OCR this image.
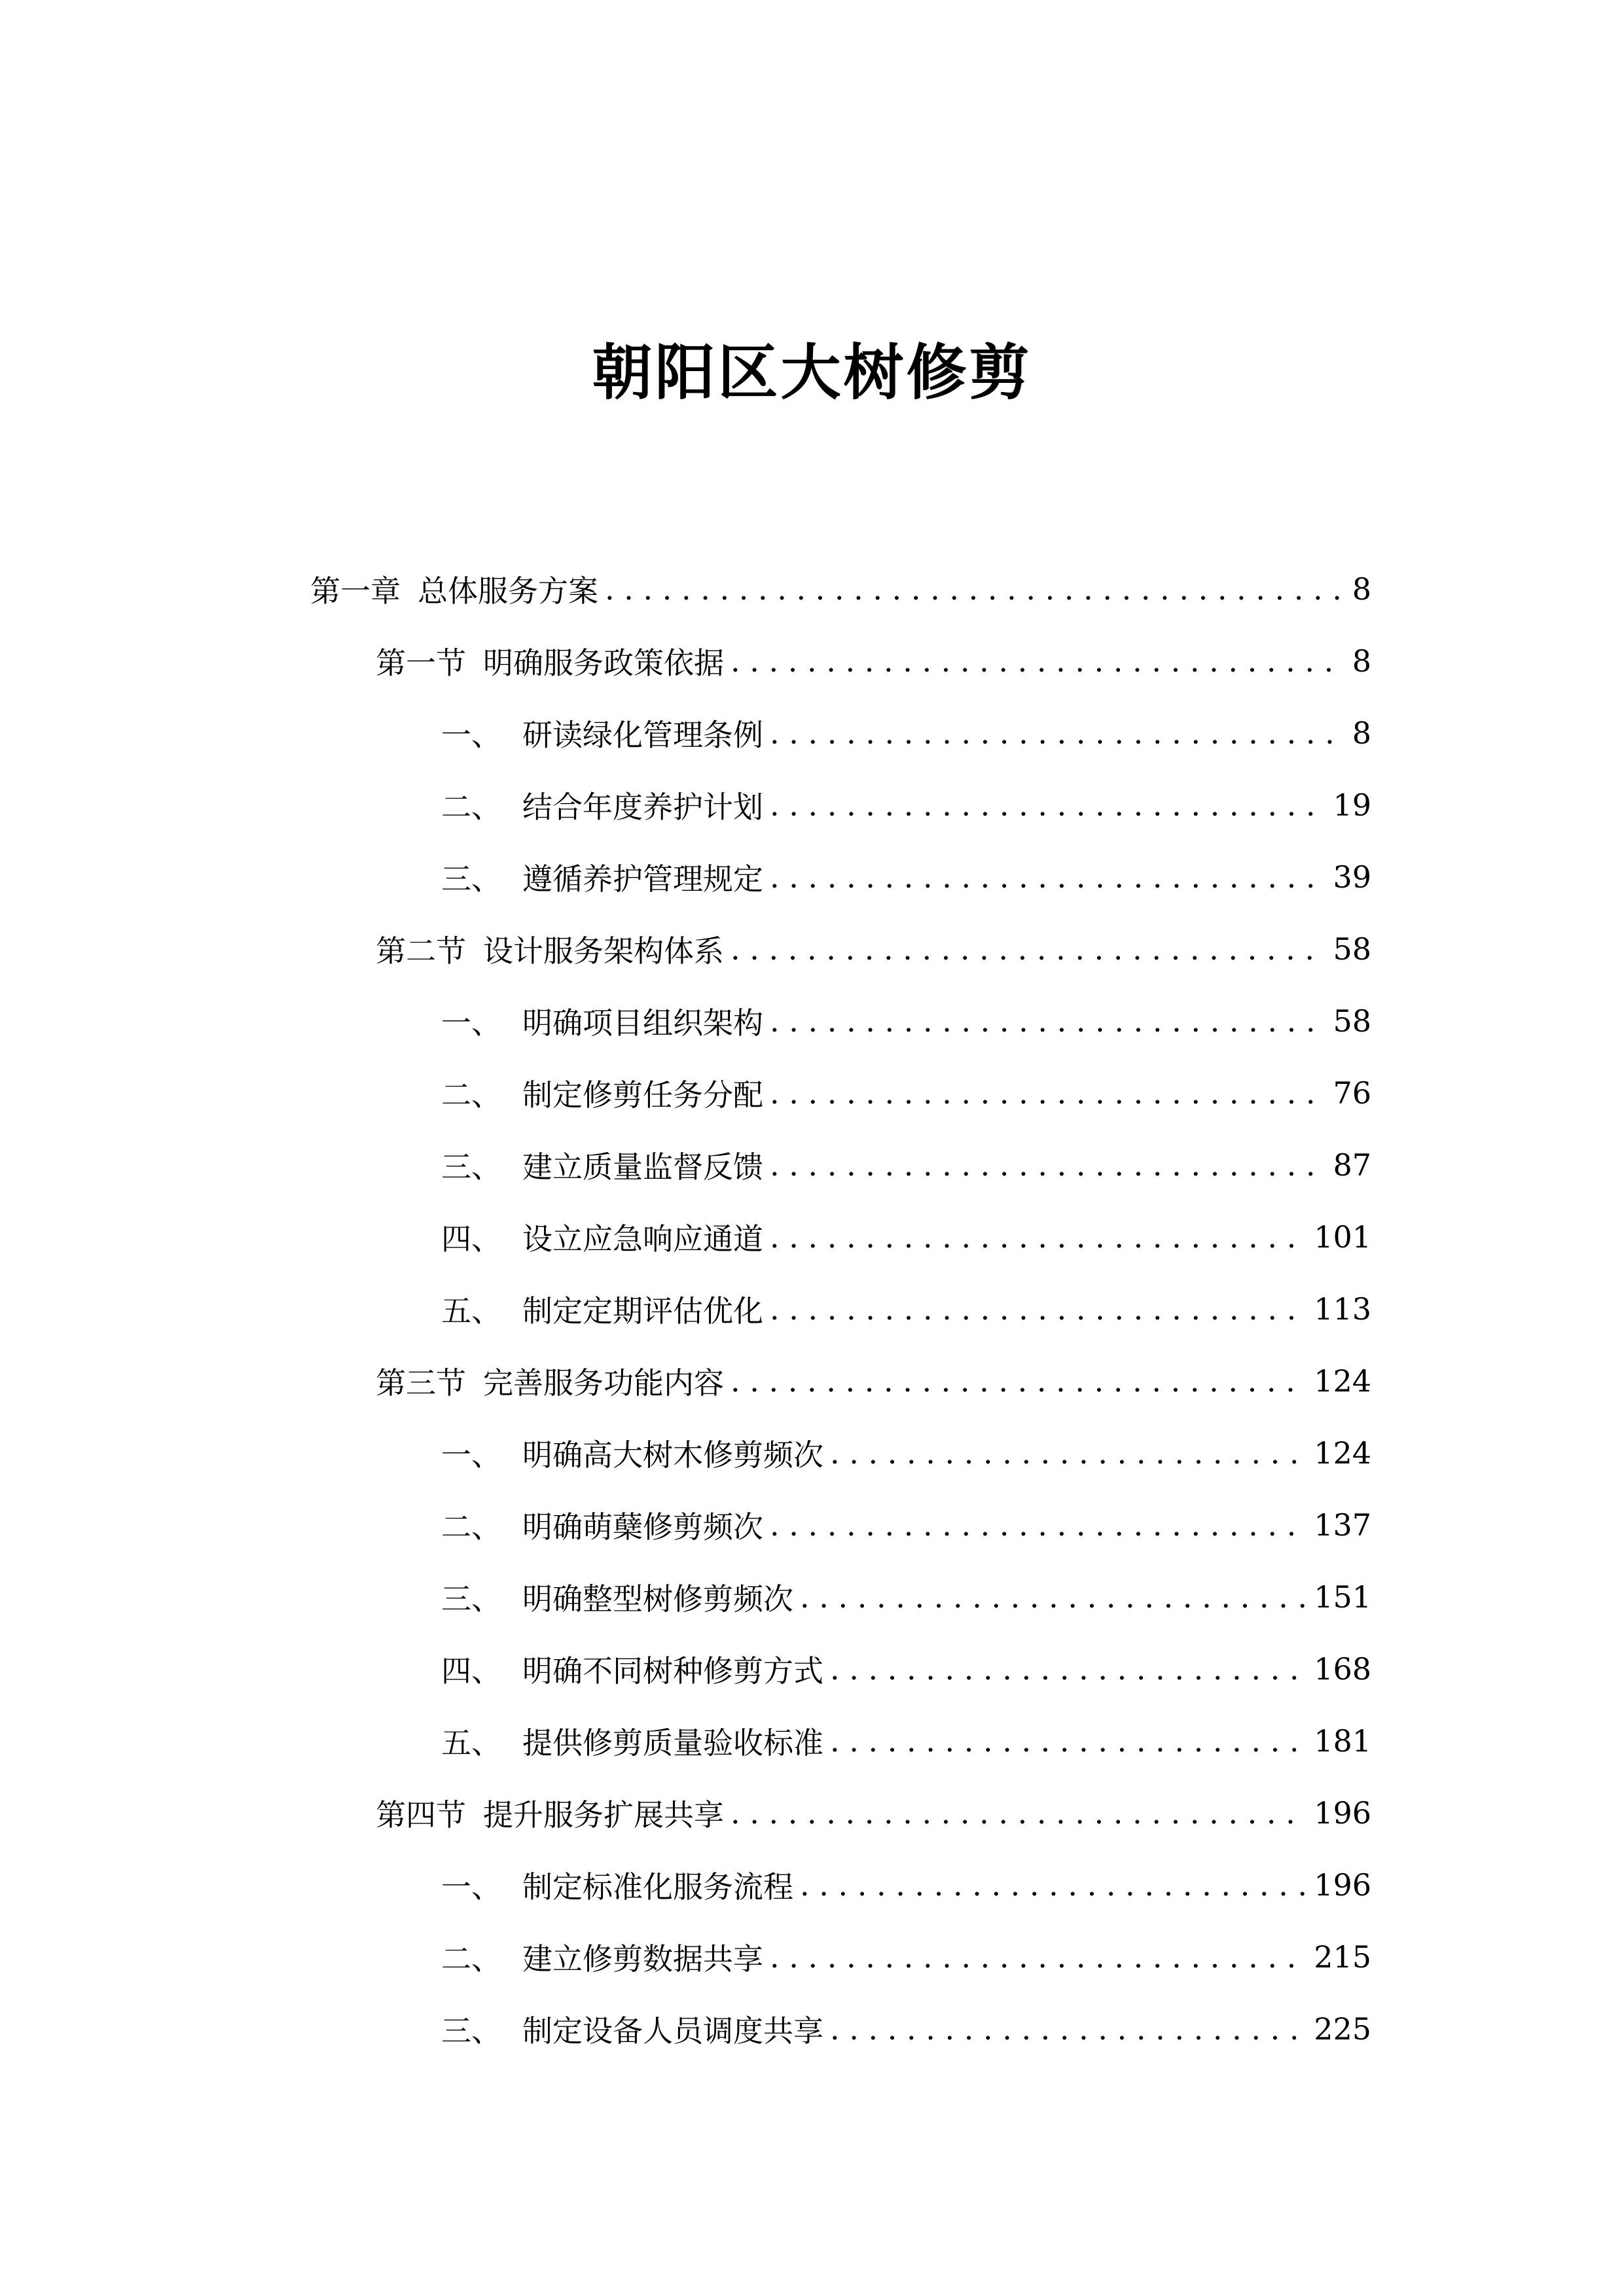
朝阳区大树修剪
第一章 总体服务方案 . . .	8
第一节 明确服务政策依据 . . .	8
一、 研读绿化管理条例 . . .	8
二、 结合年度养护计划 . . .	19
三、 遵循养护管理规定 . . .	39
第二节 设计服务架构体系 . . .	58
一、 明确项目组织架构 . . .	58
二、 制定修剪任务分配 . . .	76
三、 建立质量监督反馈 . . .	87
四、 设立应急响应通道 . . .	101
五、 制定定期评估优化 . . .	113
第三节 完善服务功能内容 . . .	124
一、 明确高大树木修剪频次 . . .	124
二、 明确萌蘖修剪频次 . . .	137
三、 明确整型树修剪频次 . . .	151
四、 明确不同树种修剪方式 . . .	168
五、 提供修剪质量验收标准 . . .	181
第四节 提升服务扩展共享 . . .	196
一、 制定标准化服务流程 . . .	196
二、 建立修剪数据共享 . . .	215
三、 制定设备人员调度共享 . . .	225
